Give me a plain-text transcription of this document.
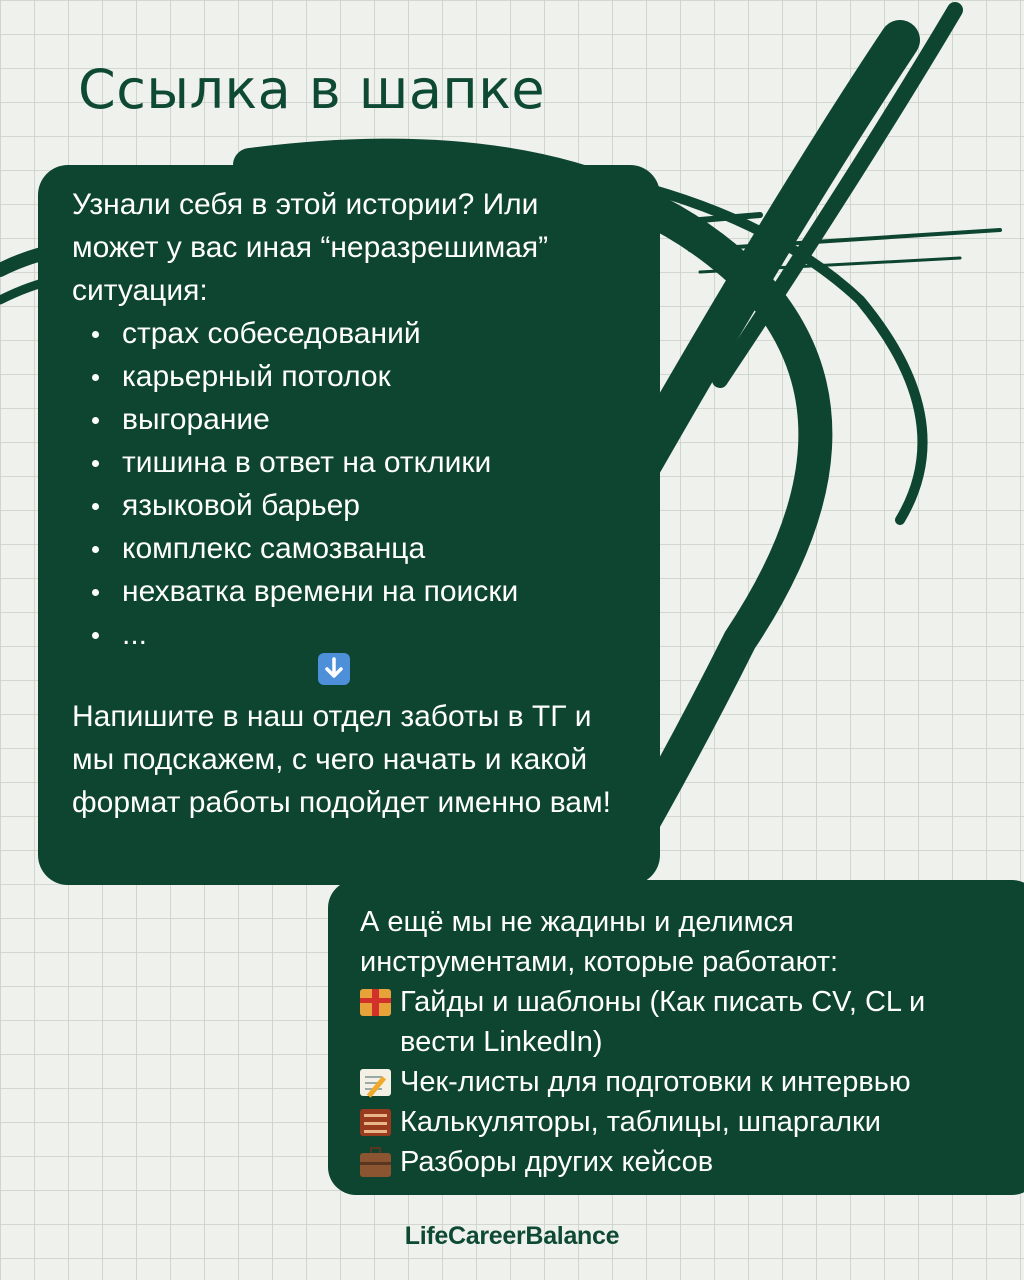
Ссылка в шапке

Узнали себя в этой истории? Или может у вас иная “неразрешимая” ситуация:

страх собеседований
карьерный потолок
выгорание
тишина в ответ на отклики
языковой барьер
комплекс самозванца
нехватка времени на поиски
...

Напишите в наш отдел заботы в ТГ и мы подскажем, с чего начать и какой формат работы подойдет именно вам!

А ещё мы не жадины и делимся инструментами, которые работают:

Гайды и шаблоны (Как писать CV, CL и вести LinkedIn)
Чек-листы для подготовки к интервью
Калькуляторы, таблицы, шпаргалки
Разборы других кейсов
LifeCareerBalance
